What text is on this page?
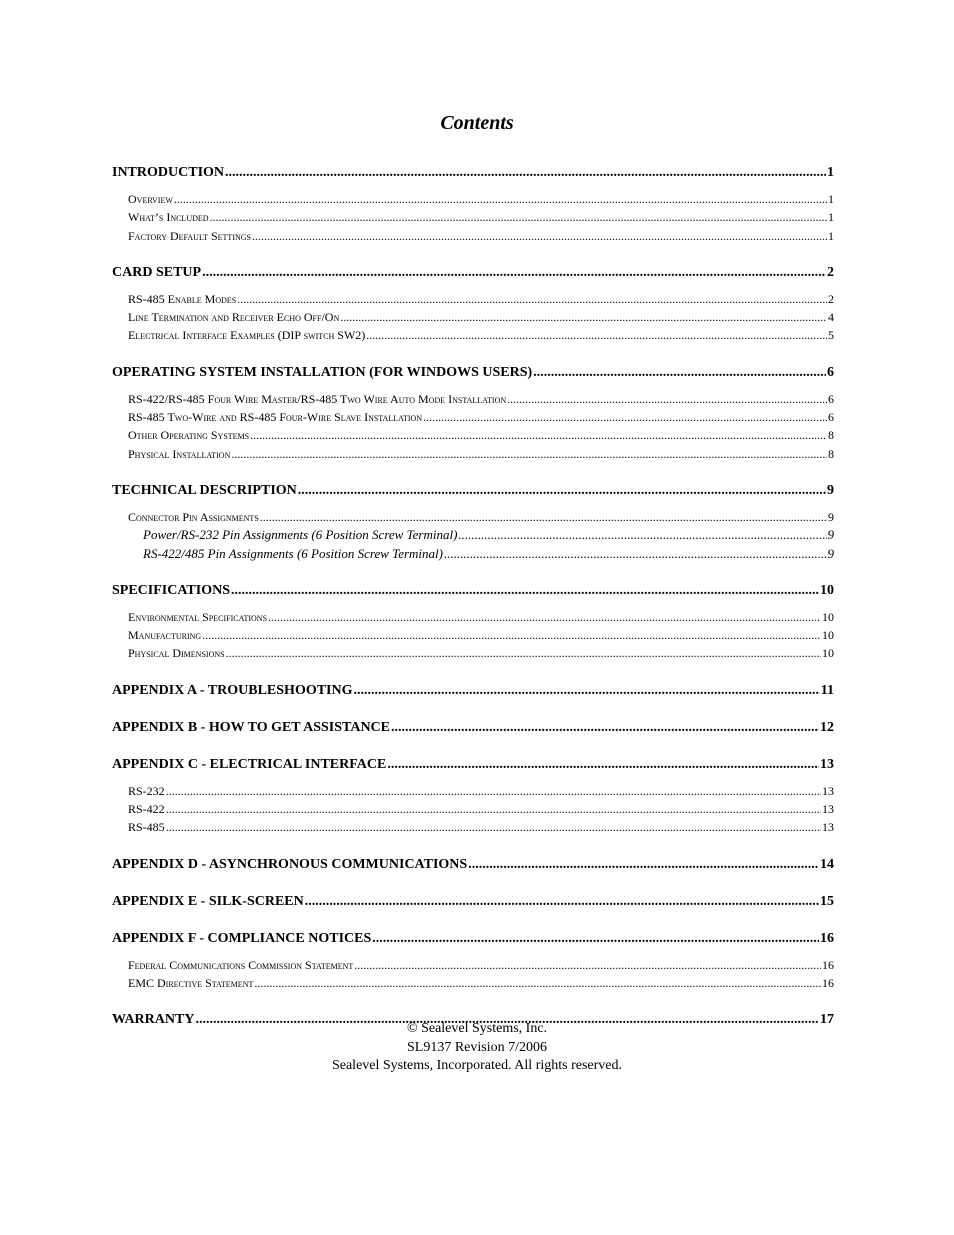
Contents
INTRODUCTION .....	1
Overview .....	1
What’s Included .....	1
Factory Default Settings .....	1
CARD SETUP .....	2
RS-485 Enable Modes .....	2
Line Termination and Receiver Echo Off/On .....	4
Electrical Interface Examples (DIP switch SW2) .....	5
OPERATING SYSTEM INSTALLATION (FOR WINDOWS USERS) .....	6
RS-422/RS-485 Four Wire Master/RS-485 Two Wire Auto Mode Installation .....	6
RS-485 Two-Wire and RS-485 Four-Wire Slave Installation .....	6
Other Operating Systems .....	8
Physical Installation .....	8
TECHNICAL DESCRIPTION .....	9
Connector Pin Assignments .....	9
Power/RS-232 Pin Assignments (6 Position Screw Terminal) .....	9
RS-422/485 Pin Assignments (6 Position Screw Terminal) .....	9
SPECIFICATIONS .....	10
Environmental Specifications .....	10
Manufacturing .....	10
Physical Dimensions .....	10
APPENDIX A - TROUBLESHOOTING .....	11
APPENDIX B - HOW TO GET ASSISTANCE .....	12
APPENDIX C - ELECTRICAL INTERFACE .....	13
RS-232 .....	13
RS-422 .....	13
RS-485 .....	13
APPENDIX D - ASYNCHRONOUS COMMUNICATIONS .....	14
APPENDIX E - SILK-SCREEN .....	15
APPENDIX F - COMPLIANCE NOTICES .....	16
Federal Communications Commission Statement .....	16
EMC Directive Statement .....	16
WARRANTY .....	17
© Sealevel Systems, Inc.
SL9137 Revision 7/2006
Sealevel Systems, Incorporated. All rights reserved.
